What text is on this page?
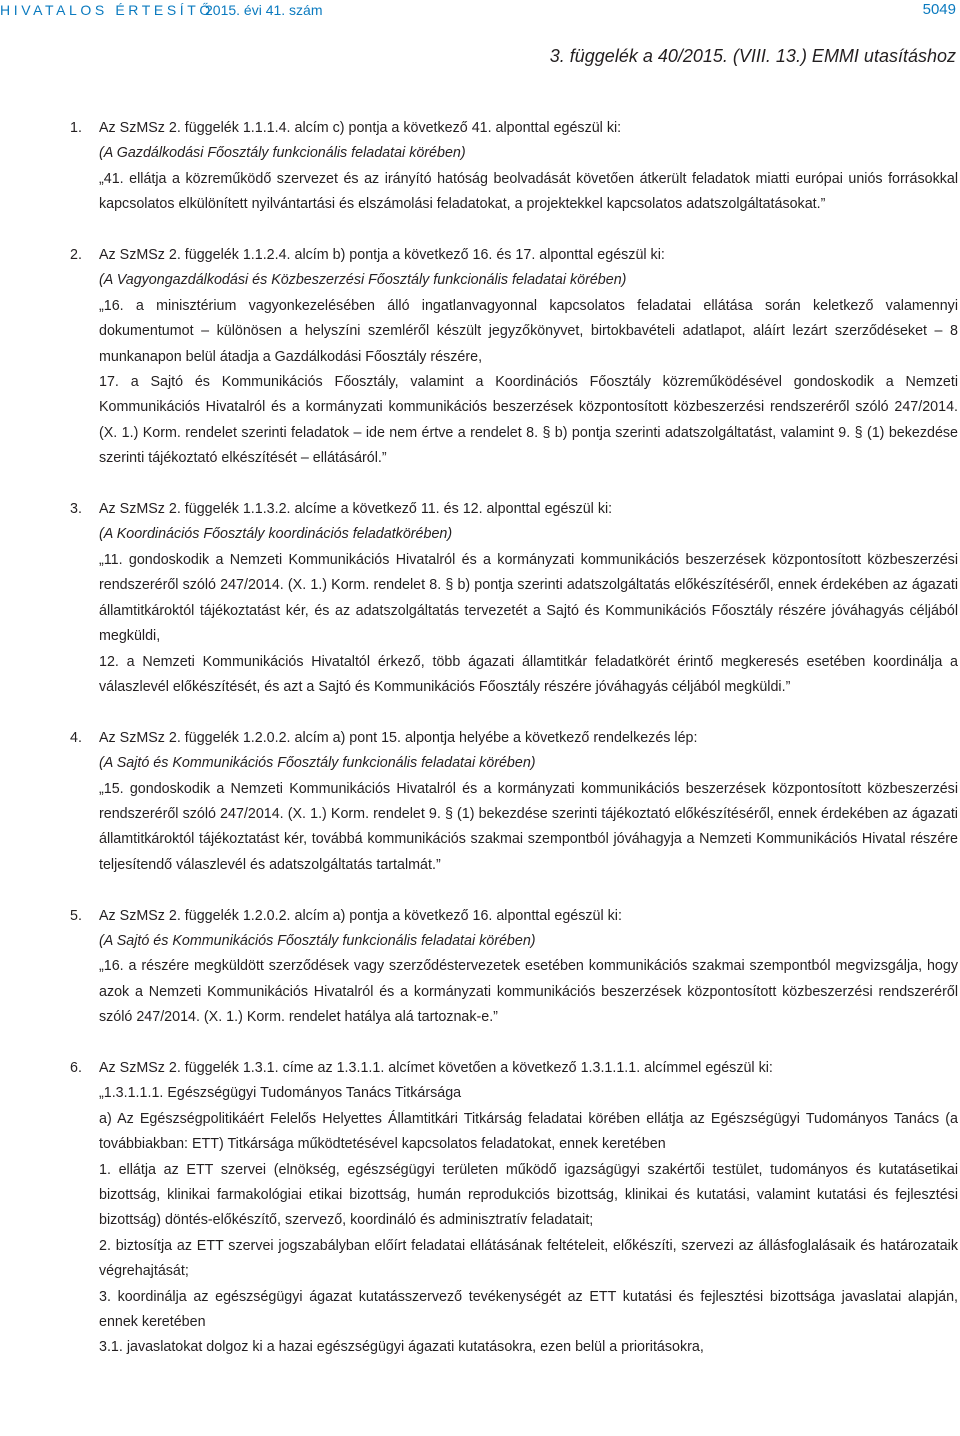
HIVATALOS ÉRTESÍTŐ
2015. évi 41. szám	5049
3. függelék a 40/2015. (VIII. 13.) EMMI utasításhoz
1. Az SzMSz 2. függelék 1.1.1.4. alcím c) pontja a következő 41. alponttal egészül ki:

(A Gazdálkodási Főosztály funkcionális feladatai körében)

„41. ellátja a közreműködő szervezet és az irányító hatóság beolvadását követően átkerült feladatok miatti európai uniós forrásokkal kapcsolatos elkülönített nyilvántartási és elszámolási feladatokat, a projektekkel kapcsolatos adatszolgáltatásokat.”

2. Az SzMSz 2. függelék 1.1.2.4. alcím b) pontja a következő 16. és 17. alponttal egészül ki:

(A Vagyongazdálkodási és Közbeszerzési Főosztály funkcionális feladatai körében)

„16. a minisztérium vagyonkezelésében álló ingatlanvagyonnal kapcsolatos feladatai ellátása során keletkező valamennyi dokumentumot – különösen a helyszíni szemléről készült jegyzőkönyvet, birtokbavételi adatlapot, aláírt lezárt szerződéseket – 8 munkanapon belül átadja a Gazdálkodási Főosztály részére,

17. a Sajtó és Kommunikációs Főosztály, valamint a Koordinációs Főosztály közreműködésével gondoskodik a Nemzeti Kommunikációs Hivatalról és a kormányzati kommunikációs beszerzések központosított közbeszerzési rendszeréről szóló 247/2014. (X. 1.) Korm. rendelet szerinti feladatok – ide nem értve a rendelet 8. § b) pontja szerinti adatszolgáltatást, valamint 9. § (1) bekezdése szerinti tájékoztató elkészítését – ellátásáról.”

3. Az SzMSz 2. függelék 1.1.3.2. alcíme a következő 11. és 12. alponttal egészül ki:

(A Koordinációs Főosztály koordinációs feladatkörében)

„11. gondoskodik a Nemzeti Kommunikációs Hivatalról és a kormányzati kommunikációs beszerzések központosított közbeszerzési rendszeréről szóló 247/2014. (X. 1.) Korm. rendelet 8. § b) pontja szerinti adatszolgáltatás előkészítéséről, ennek érdekében az ágazati államtitkároktól tájékoztatást kér, és az adatszolgáltatás tervezetét a Sajtó és Kommunikációs Főosztály részére jóváhagyás céljából megküldi,

12. a Nemzeti Kommunikációs Hivataltól érkező, több ágazati államtitkár feladatkörét érintő megkeresés esetében koordinálja a válaszlevél előkészítését, és azt a Sajtó és Kommunikációs Főosztály részére jóváhagyás céljából megküldi.”

4. Az SzMSz 2. függelék 1.2.0.2. alcím a) pont 15. alpontja helyébe a következő rendelkezés lép:

(A Sajtó és Kommunikációs Főosztály funkcionális feladatai körében)

„15. gondoskodik a Nemzeti Kommunikációs Hivatalról és a kormányzati kommunikációs beszerzések központosított közbeszerzési rendszeréről szóló 247/2014. (X. 1.) Korm. rendelet 9. § (1) bekezdése szerinti tájékoztató előkészítéséről, ennek érdekében az ágazati államtitkároktól tájékoztatást kér, továbbá kommunikációs szakmai szempontból jóváhagyja a Nemzeti Kommunikációs Hivatal részére teljesítendő válaszlevél és adatszolgáltatás tartalmát.”

5. Az SzMSz 2. függelék 1.2.0.2. alcím a) pontja a következő 16. alponttal egészül ki:

(A Sajtó és Kommunikációs Főosztály funkcionális feladatai körében)

„16. a részére megküldött szerződések vagy szerződéstervezetek esetében kommunikációs szakmai szempontból megvizsgálja, hogy azok a Nemzeti Kommunikációs Hivatalról és a kormányzati kommunikációs beszerzések központosított közbeszerzési rendszeréről szóló 247/2014. (X. 1.) Korm. rendelet hatálya alá tartoznak-e.”

6. Az SzMSz 2. függelék 1.3.1. címe az 1.3.1.1. alcímet követően a következő 1.3.1.1.1. alcímmel egészül ki:

„1.3.1.1.1. Egészségügyi Tudományos Tanács Titkársága

a) Az Egészségpolitikáért Felelős Helyettes Államtitkári Titkárság feladatai körében ellátja az Egészségügyi Tudományos Tanács (a továbbiakban: ETT) Titkársága működtetésével kapcsolatos feladatokat, ennek keretében

1. ellátja az ETT szervei (elnökség, egészségügyi területen működő igazságügyi szakértői testület, tudományos és kutatásetikai bizottság, klinikai farmakológiai etikai bizottság, humán reprodukciós bizottság, klinikai és kutatási, valamint kutatási és fejlesztési bizottság) döntés-előkészítő, szervező, koordináló és adminisztratív feladatait;

2. biztosítja az ETT szervei jogszabályban előírt feladatai ellátásának feltételeit, előkészíti, szervezi az állásfoglalásaik és határozataik végrehajtását;

3. koordinálja az egészségügyi ágazat kutatásszervező tevékenységét az ETT kutatási és fejlesztési bizottsága javaslatai alapján, ennek keretében

3.1. javaslatokat dolgoz ki a hazai egészségügyi ágazati kutatásokra, ezen belül a prioritásokra,
